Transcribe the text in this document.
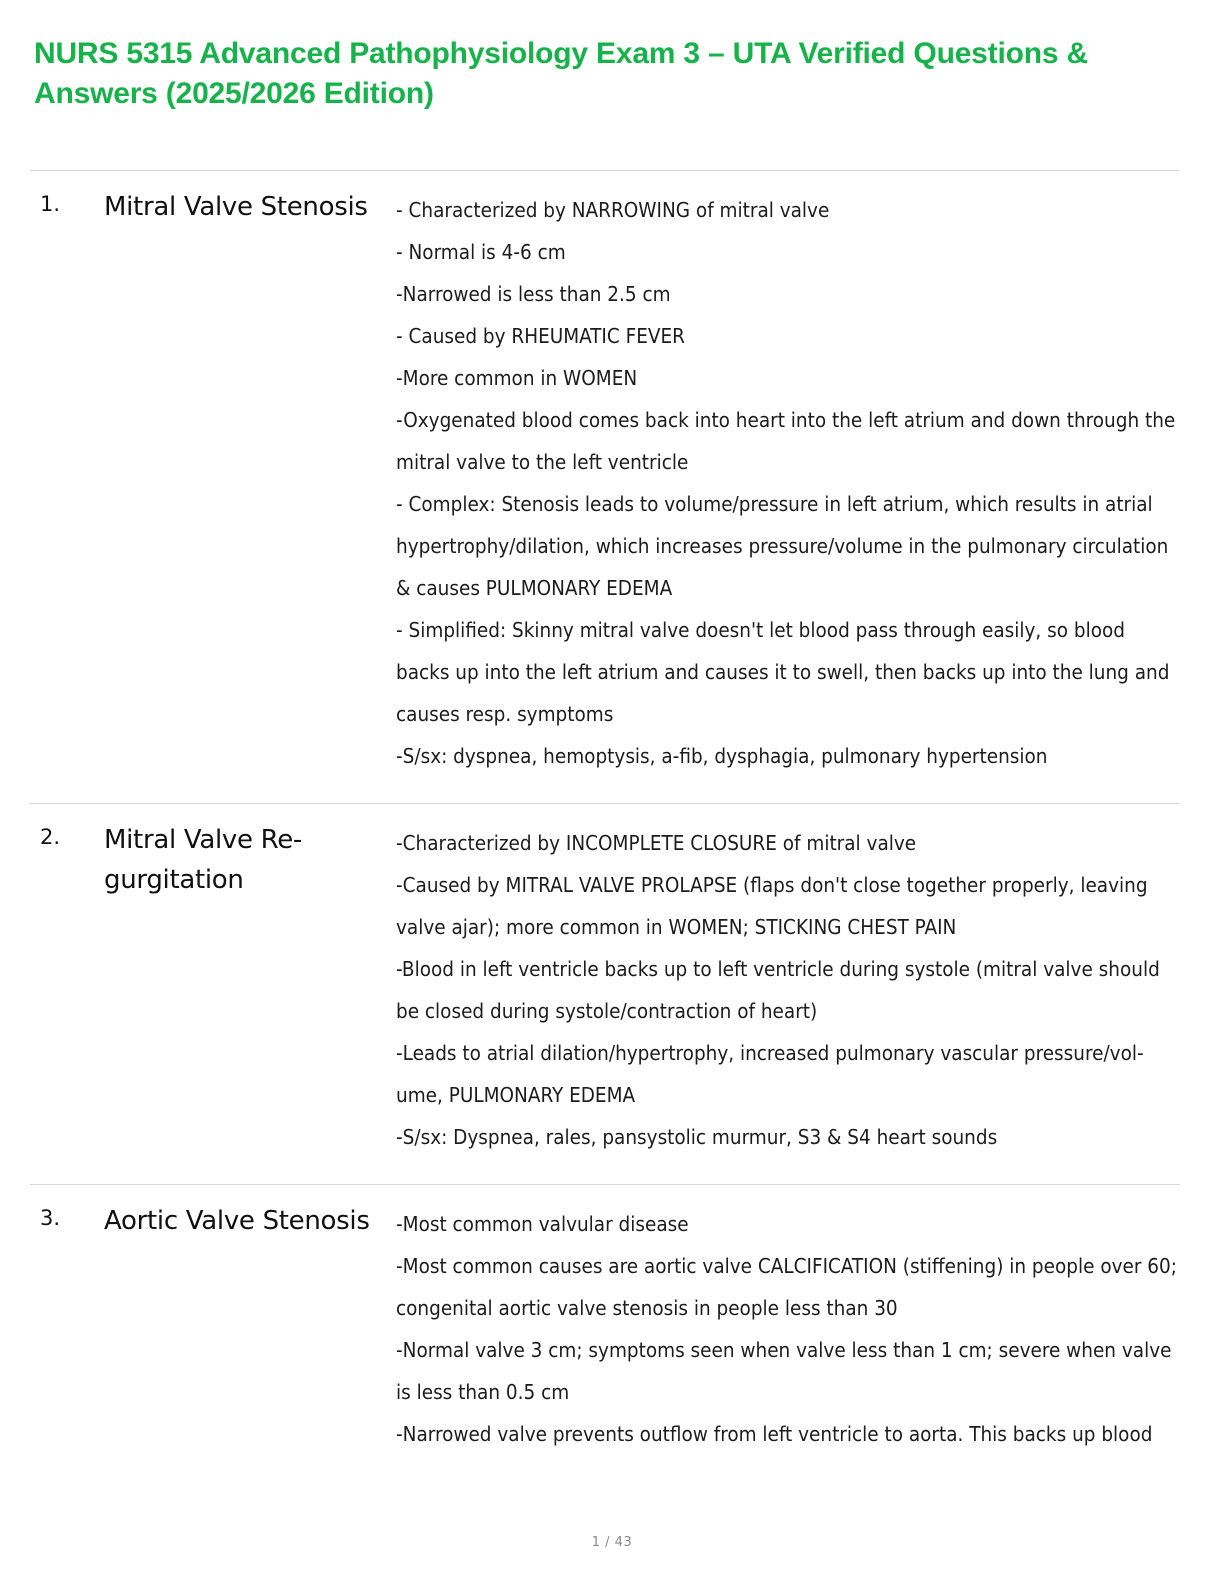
NURS 5315 Advanced Pathophysiology Exam 3 – UTA Verified Questions & Answers (2025/2026 Edition)
1.	Mitral Valve Stenosis	- Characterized by NARROWING of mitral valve
- Normal is 4-6 cm
-Narrowed is less than 2.5 cm
- Caused by RHEUMATIC FEVER
-More common in WOMEN
-Oxygenated blood comes back into heart into the left atrium and down through the mitral valve to the left ventricle
- Complex: Stenosis leads to volume/pressure in left atrium, which results in atrial hypertrophy/dilation, which increases pressure/volume in the pulmonary circulation & causes PULMONARY EDEMA
- Simplified: Skinny mitral valve doesn't let blood pass through easily, so blood backs up into the left atrium and causes it to swell, then backs up into the lung and causes resp. symptoms
-S/sx: dyspnea, hemoptysis, a-fib, dysphagia, pulmonary hypertension

2.	Mitral Valve Re-gurgitation	-Characterized by INCOMPLETE CLOSURE of mitral valve
-Caused by MITRAL VALVE PROLAPSE (flaps don't close together properly, leaving valve ajar); more common in WOMEN; STICKING CHEST PAIN
-Blood in left ventricle backs up to left ventricle during systole (mitral valve should be closed during systole/contraction of heart)
-Leads to atrial dilation/hypertrophy, increased pulmonary vascular pressure/vol-ume, PULMONARY EDEMA
-S/sx: Dyspnea, rales, pansystolic murmur, S3 & S4 heart sounds

3.	Aortic Valve Stenosis	-Most common valvular disease
-Most common causes are aortic valve CALCIFICATION (stiffening) in people over 60; congenital aortic valve stenosis in people less than 30
-Normal valve 3 cm; symptoms seen when valve less than 1 cm; severe when valve is less than 0.5 cm
-Narrowed valve prevents outflow from left ventricle to aorta. This backs up blood
1 / 43
